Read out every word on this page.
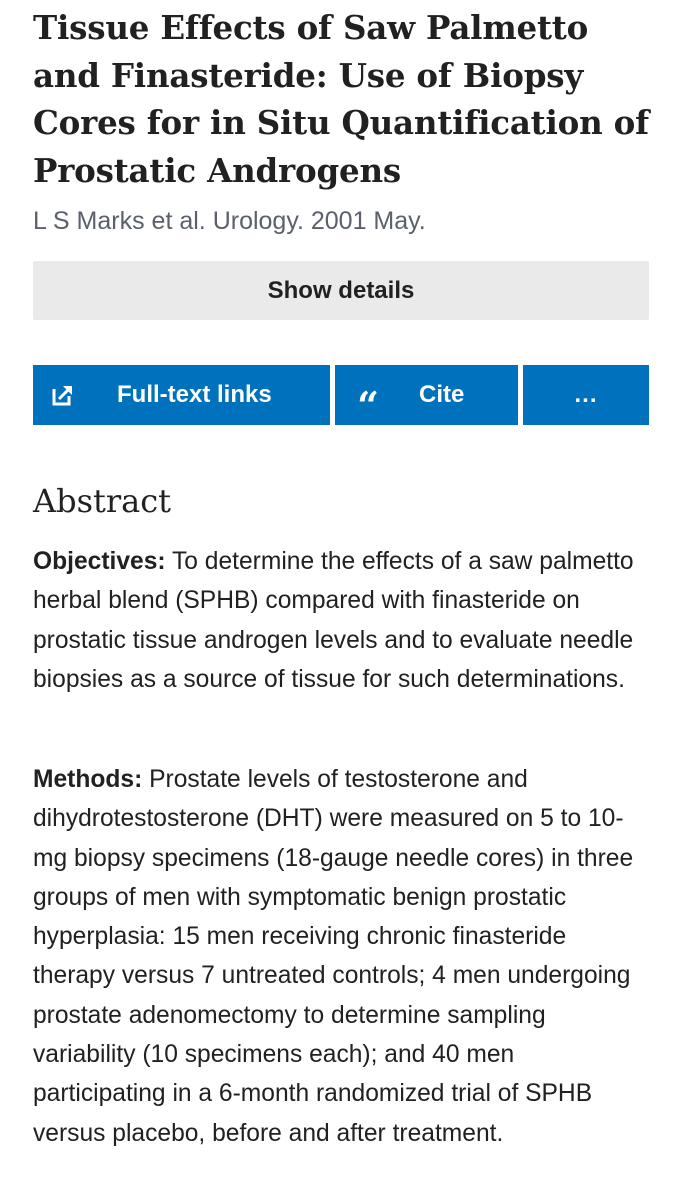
Tissue Effects of Saw Palmetto and Finasteride: Use of Biopsy Cores for in Situ Quantification of Prostatic Androgens
L S Marks et al. Urology. 2001 May.
Show details
Full-text links “ Cite	...
Abstract

Objectives: To determine the effects of a saw palmetto herbal blend (SPHB) compared with finasteride on prostatic tissue androgen levels and to evaluate needle biopsies as a source of tissue for such determinations.

Methods: Prostate levels of testosterone and dihydrotestosterone (DHT) were measured on 5 to 10-mg biopsy specimens (18-gauge needle cores) in three groups of men with symptomatic benign prostatic hyperplasia: 15 men receiving chronic finasteride therapy versus 7 untreated controls; 4 men undergoing prostate adenomectomy to determine sampling variability (10 specimens each); and 40 men participating in a 6-month randomized trial of SPHB versus placebo, before and after treatment.
